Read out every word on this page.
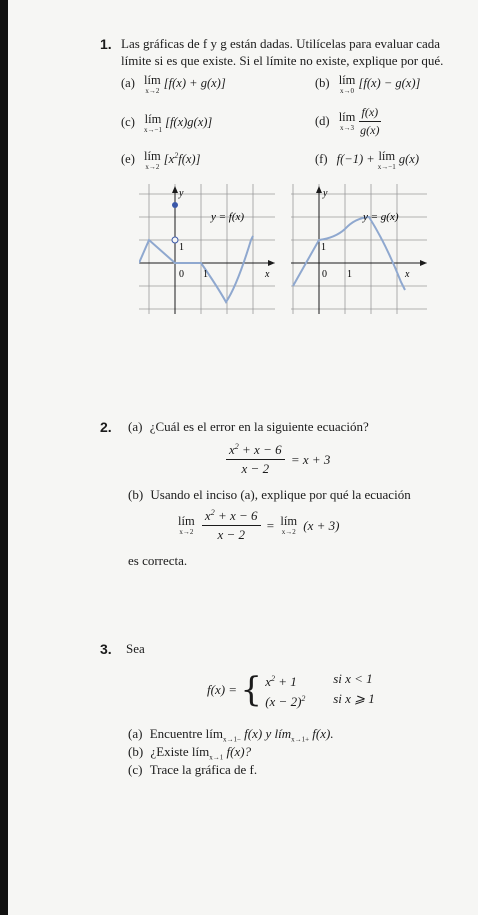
1. Las gráficas de f y g están dadas. Utilícelas para evaluar cada
límite si es que existe. Si el límite no existe, explique por qué.
(a) lím
x→2
[f(x) + g(x)]	(b) lím
x→0
[f(x) − g(x)]
(c) lím
x→−1
[f(x)g(x)]	(d) lím
x→3
$\frac{f(x)}{g(x)}$
(e) lím
x→2
$[x^2f(x)]$	(f) f(−1) + lím
x→−1
g(x)
y
x
y = f(x)
1
1
0
y
x
y = g(x)
1
1
0
2. (a) ¿Cuál es el error en la siguiente ecuación?
$\frac{x^2 + x - 6}{x - 2} = x + 3$
(b) Usando el inciso (a), explique por qué la ecuación
lím
x→2
$\frac{x^2 + x - 6}{x - 2}$ = lím
x→2 (x + 3)
es correcta.
3. Sea
f(x) = { $x^2 + 1$	si x < 1
$(x - 2)^2$	si x ⩾ 1
(a) Encuentre lím$_{x\to 1-}$ f(x) y lím$_{x\to 1+}$ f(x).
(b) ¿Existe lím$_{x\to 1}$ f(x)?
(c) Trace la gráfica de f.
